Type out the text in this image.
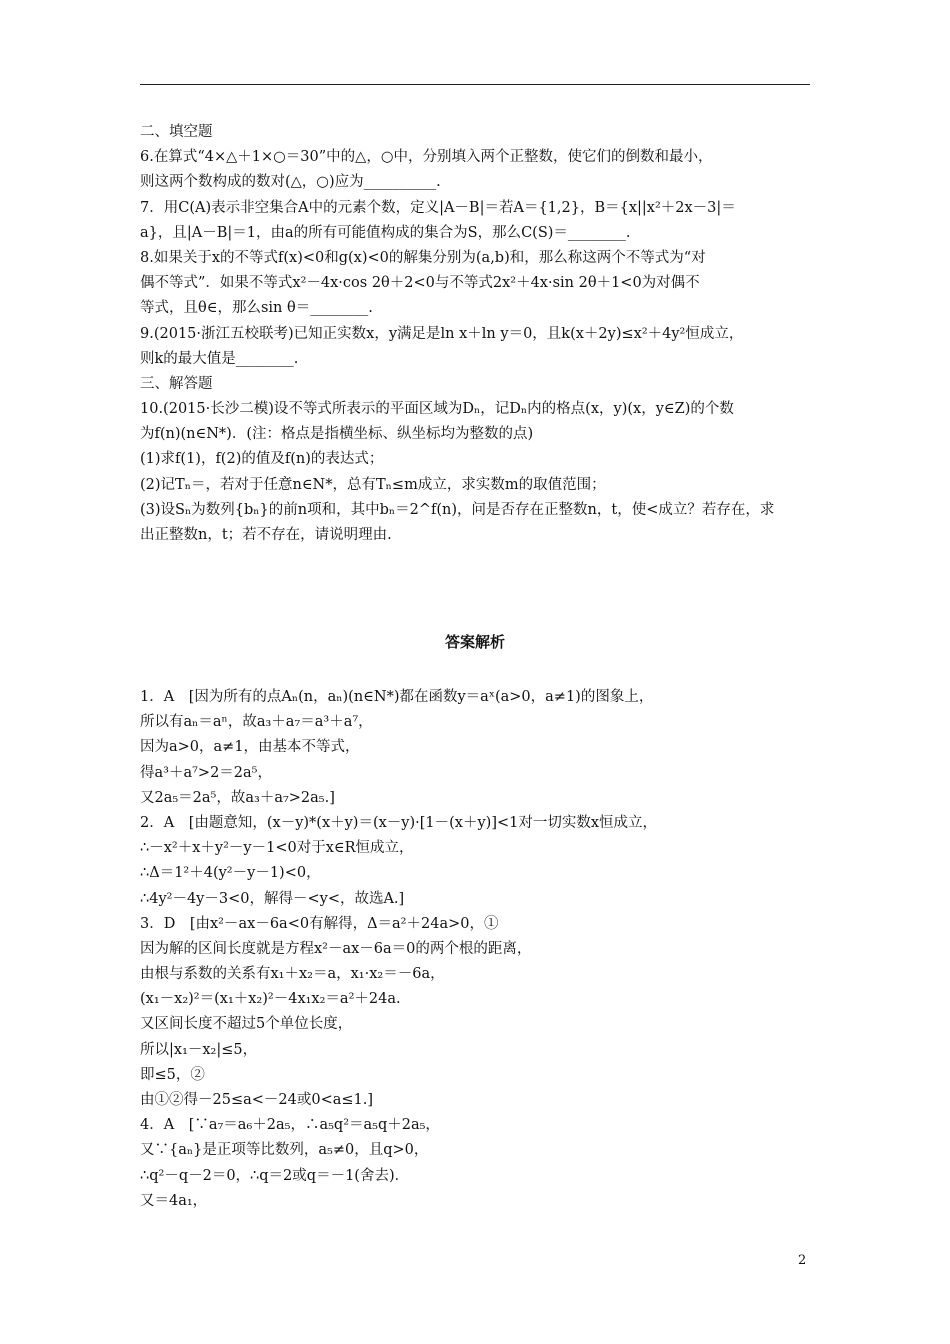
二、填空题
6.在算式“4×△＋1×○＝30”中的△，○中，分别填入两个正整数，使它们的倒数和最小，
则这两个数构成的数对(△，○)应为__________.
7．用C(A)表示非空集合A中的元素个数，定义|A－B|＝若A＝{1,2}，B＝{x||x²＋2x－3|＝
a}，且|A－B|＝1，由a的所有可能值构成的集合为S，那么C(S)＝________.
8.如果关于x的不等式f(x)<0和g(x)<0的解集分别为(a,b)和，那么称这两个不等式为“对
偶不等式”．如果不等式x²－4x·cos 2θ＋2<0与不等式2x²＋4x·sin 2θ＋1<0为对偶不
等式，且θ∈，那么sin θ＝________.
9.(2015·浙江五校联考)已知正实数x，y满足是ln x＋ln y＝0，且k(x＋2y)≤x²＋4y²恒成立，
则k的最大值是________.
三、解答题
10.(2015·长沙二模)设不等式所表示的平面区域为Dₙ，记Dₙ内的格点(x，y)(x，y∈Z)的个数
为f(n)(n∈N*)．(注：格点是指横坐标、纵坐标均为整数的点)
(1)求f(1)，f(2)的值及f(n)的表达式；
(2)记Tₙ＝，若对于任意n∈N*，总有Tₙ≤m成立，求实数m的取值范围；
(3)设Sₙ为数列{bₙ}的前n项和，其中bₙ＝2^f(n)，问是否存在正整数n，t，使<成立？若存在，求
出正整数n，t；若不存在，请说明理由.
答案解析
1．A　[因为所有的点Aₙ(n，aₙ)(n∈N*)都在函数y＝aˣ(a>0，a≠1)的图象上，
所以有aₙ＝aⁿ，故a₃＋a₇＝a³＋a⁷，
因为a>0，a≠1，由基本不等式，
得a³＋a⁷>2＝2a⁵，
又2a₅＝2a⁵，故a₃＋a₇>2a₅.]
2．A　[由题意知，(x－y)*(x＋y)＝(x－y)·[1－(x＋y)]<1对一切实数x恒成立，
∴－x²＋x＋y²－y－1<0对于x∈R恒成立，
∴Δ＝1²＋4(y²－y－1)<0，
∴4y²－4y－3<0，解得－<y<，故选A.]
3．D　[由x²－ax－6a<0有解得，Δ＝a²＋24a>0，①
因为解的区间长度就是方程x²－ax－6a＝0的两个根的距离，
由根与系数的关系有x₁＋x₂＝a，x₁·x₂＝－6a，
(x₁－x₂)²＝(x₁＋x₂)²－4x₁x₂＝a²＋24a.
又区间长度不超过5个单位长度，
所以|x₁－x₂|≤5，
即≤5，②
由①②得－25≤a<－24或0<a≤1.]
4．A　[∵a₇＝a₆＋2a₅，∴a₅q²＝a₅q＋2a₅，
又∵{aₙ}是正项等比数列，a₅≠0，且q>0，
∴q²－q－2＝0，∴q＝2或q＝－1(舍去)．
又＝4a₁，
2
